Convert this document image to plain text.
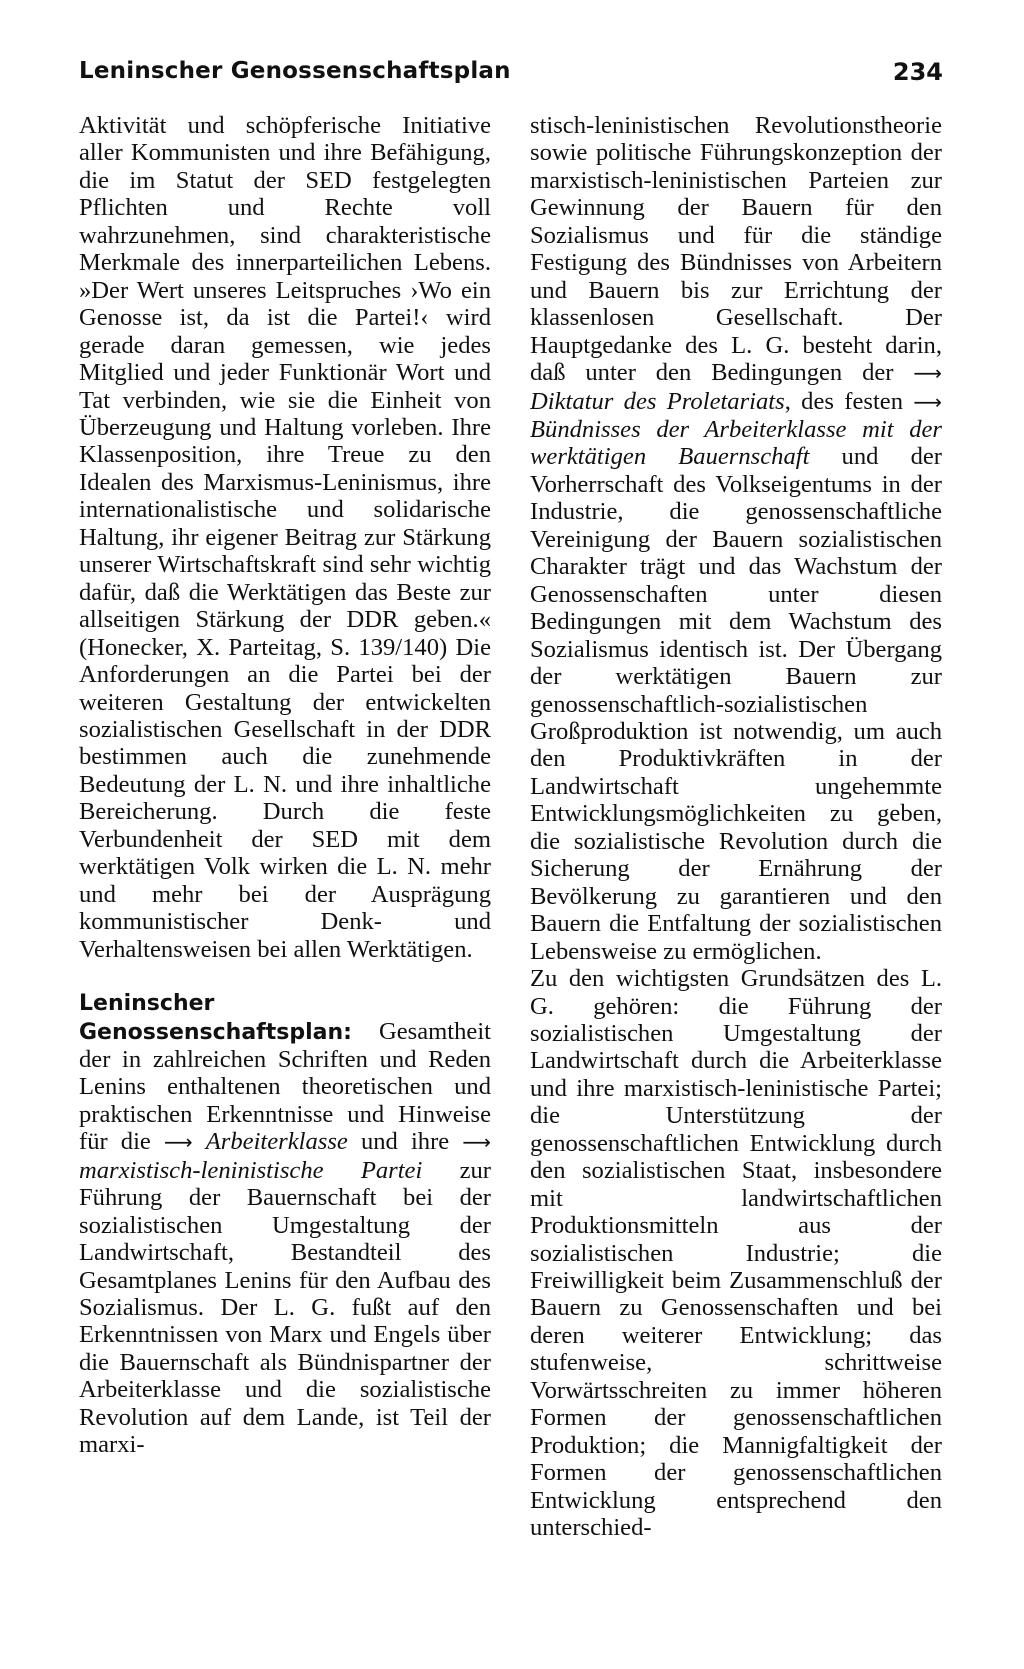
Leninscher Genossenschaftsplan	234

Aktivität und schöpferische Initiative aller Kommunisten und ihre Befähigung, die im Statut der SED festgelegten Pflichten und Rechte voll wahrzunehmen, sind charakteristische Merkmale des innerparteilichen Lebens. »Der Wert unseres Leitspruches ›Wo ein Genosse ist, da ist die Partei!‹ wird gerade daran gemessen, wie jedes Mitglied und jeder Funktionär Wort und Tat verbinden, wie sie die Einheit von Überzeugung und Haltung vorleben. Ihre Klassenposition, ihre Treue zu den Idealen des Marxismus-Leninismus, ihre internationalistische und solidarische Haltung, ihr eigener Beitrag zur Stärkung unserer Wirtschaftskraft sind sehr wichtig dafür, daß die Werktätigen das Beste zur allseitigen Stärkung der DDR geben.« (Honecker, X. Parteitag, S. 139/140) Die Anforderungen an die Partei bei der weiteren Gestaltung der entwickelten sozialistischen Gesellschaft in der DDR bestimmen auch die zunehmende Bedeutung der L. N. und ihre inhaltliche Bereicherung. Durch die feste Verbundenheit der SED mit dem werktätigen Volk wirken die L. N. mehr und mehr bei der Ausprägung kommunistischer Denk- und Verhaltensweisen bei allen Werktätigen.

Leninscher Genossenschaftsplan: Gesamtheit der in zahlreichen Schriften und Reden Lenins enthaltenen theoretischen und praktischen Erkenntnisse und Hinweise für die ⟶ Arbeiterklasse und ihre ⟶ marxistisch-leninistische Partei zur Führung der Bauernschaft bei der sozialistischen Umgestaltung der Landwirtschaft, Bestandteil des Gesamtplanes Lenins für den Aufbau des Sozialismus. Der L. G. fußt auf den Erkenntnissen von Marx und Engels über die Bauernschaft als Bündnispartner der Arbeiterklasse und die sozialistische Revolution auf dem Lande, ist Teil der marxi-

stisch-leninistischen Revolutionstheorie sowie politische Führungskonzeption der marxistisch-leninistischen Parteien zur Gewinnung der Bauern für den Sozialismus und für die ständige Festigung des Bündnisses von Arbeitern und Bauern bis zur Errichtung der klassenlosen Gesellschaft. Der Hauptgedanke des L. G. besteht darin, daß unter den Bedingungen der ⟶ Diktatur des Proletariats, des festen ⟶ Bündnisses der Arbeiterklasse mit der werktätigen Bauernschaft und der Vorherrschaft des Volkseigentums in der Industrie, die genossenschaftliche Vereinigung der Bauern sozialistischen Charakter trägt und das Wachstum der Genossenschaften unter diesen Bedingungen mit dem Wachstum des Sozialismus identisch ist. Der Übergang der werktätigen Bauern zur genossenschaftlich-sozialistischen Großproduktion ist notwendig, um auch den Produktivkräften in der Landwirtschaft ungehemmte Entwicklungsmöglichkeiten zu geben, die sozialistische Revolution durch die Sicherung der Ernährung der Bevölkerung zu garantieren und den Bauern die Entfaltung der sozialistischen Lebensweise zu ermöglichen.

Zu den wichtigsten Grundsätzen des L. G. gehören: die Führung der sozialistischen Umgestaltung der Landwirtschaft durch die Arbeiterklasse und ihre marxistisch-leninistische Partei; die Unterstützung der genossenschaftlichen Entwicklung durch den sozialistischen Staat, insbesondere mit landwirtschaftlichen Produktionsmitteln aus der sozialistischen Industrie; die Freiwilligkeit beim Zusammenschluß der Bauern zu Genossenschaften und bei deren weiterer Entwicklung; das stufenweise, schrittweise Vorwärtsschreiten zu immer höheren Formen der genossenschaftlichen Produktion; die Mannigfaltigkeit der Formen der genossenschaftlichen Entwicklung entsprechend den unterschied-
